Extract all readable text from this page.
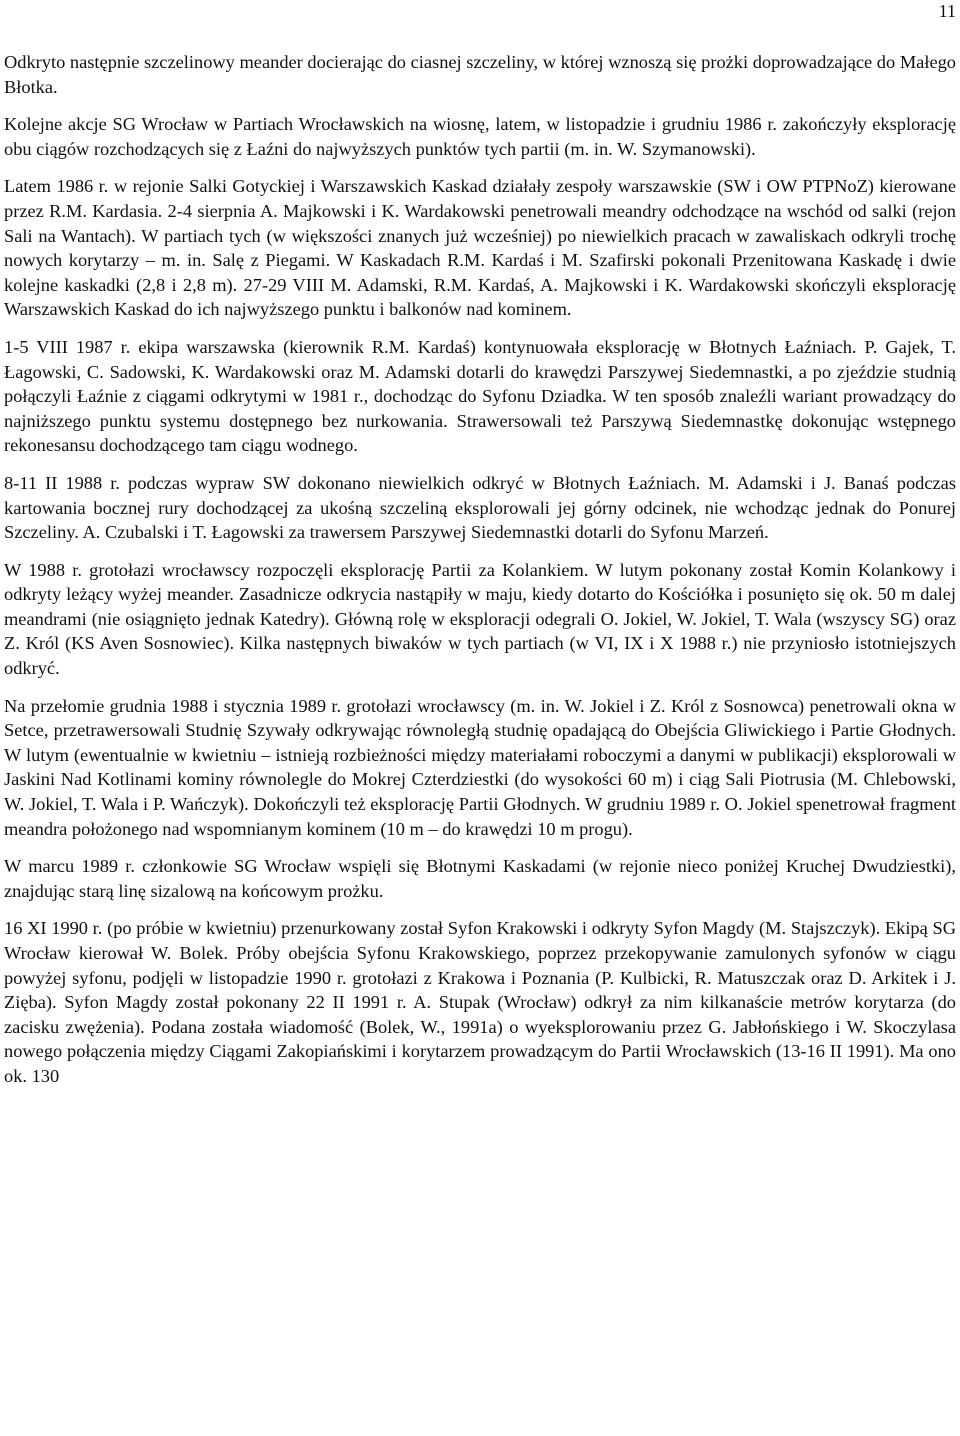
11

Odkryto następnie szczelinowy meander docierając do ciasnej szczeliny, w której wznoszą się prożki doprowadzające do Małego Błotka.

Kolejne akcje SG Wrocław w Partiach Wrocławskich na wiosnę, latem, w listopadzie i grudniu 1986 r. zakończyły eksplorację obu ciągów rozchodzących się z Łaźni do najwyższych punktów tych partii (m. in. W. Szymanowski).

Latem 1986 r. w rejonie Salki Gotyckiej i Warszawskich Kaskad działały zespoły warszawskie (SW i OW PTPNoZ) kierowane przez R.M. Kardasia. 2-4 sierpnia A. Majkowski i K. Wardakowski penetrowali meandry odchodzące na wschód od salki (rejon Sali na Wantach). W partiach tych (w większości znanych już wcześniej) po niewielkich pracach w zawaliskach odkryli trochę nowych korytarzy – m. in. Salę z Piegami. W Kaskadach R.M. Kardaś i M. Szafirski pokonali Przenitowana Kaskadę i dwie kolejne kaskadki (2,8 i 2,8 m). 27-29 VIII M. Adamski, R.M. Kardaś, A. Majkowski i K. Wardakowski skończyli eksplorację Warszawskich Kaskad do ich najwyższego punktu i balkonów nad kominem.

1-5 VIII 1987 r. ekipa warszawska (kierownik R.M. Kardaś) kontynuowała eksplorację w Błotnych Łaźniach. P. Gajek, T. Łagowski, C. Sadowski, K. Wardakowski oraz M. Adamski dotarli do krawędzi Parszywej Siedemnastki, a po zjeździe studnią połączyli Łaźnie z ciągami odkrytymi w 1981 r., dochodząc do Syfonu Dziadka. W ten sposób znaleźli wariant prowadzący do najniższego punktu systemu dostępnego bez nurkowania. Strawersowali też Parszywą Siedemnastkę dokonując wstępnego rekonesansu dochodzącego tam ciągu wodnego.

8-11 II 1988 r. podczas wypraw SW dokonano niewielkich odkryć w Błotnych Łaźniach. M. Adamski i J. Banaś podczas kartowania bocznej rury dochodzącej za ukośną szczeliną eksplorowali jej górny odcinek, nie wchodząc jednak do Ponurej Szczeliny. A. Czubalski i T. Łagowski za trawersem Parszywej Siedemnastki dotarli do Syfonu Marzeń.

W 1988 r. grotołazi wrocławscy rozpoczęli eksplorację Partii za Kolankiem. W lutym pokonany został Komin Kolankowy i odkryty leżący wyżej meander. Zasadnicze odkrycia nastąpiły w maju, kiedy dotarto do Kościółka i posunięto się ok. 50 m dalej meandrami (nie osiągnięto jednak Katedry). Główną rolę w eksploracji odegrali O. Jokiel, W. Jokiel, T. Wala (wszyscy SG) oraz Z. Król (KS Aven Sosnowiec). Kilka następnych biwaków w tych partiach (w VI, IX i X 1988 r.) nie przyniosło istotniejszych odkryć.

Na przełomie grudnia 1988 i stycznia 1989 r. grotołazi wrocławscy (m. in. W. Jokiel i Z. Król z Sosnowca) penetrowali okna w Setce, przetrawersowali Studnię Szywały odkrywając równoległą studnię opadającą do Obejścia Gliwickiego i Partie Głodnych. W lutym (ewentualnie w kwietniu – istnieją rozbieżności między materiałami roboczymi a danymi w publikacji) eksplorowali w Jaskini Nad Kotlinami kominy równolegle do Mokrej Czterdziestki (do wysokości 60 m) i ciąg Sali Piotrusia (M. Chlebowski, W. Jokiel, T. Wala i P. Wańczyk). Dokończyli też eksplorację Partii Głodnych. W grudniu 1989 r. O. Jokiel spenetrował fragment meandra położonego nad wspomnianym kominem (10 m – do krawędzi 10 m progu).

W marcu 1989 r. członkowie SG Wrocław wspięli się Błotnymi Kaskadami (w rejonie nieco poniżej Kruchej Dwudziestki), znajdując starą linę sizalową na końcowym prożku.

16 XI 1990 r. (po próbie w kwietniu) przenurkowany został Syfon Krakowski i odkryty Syfon Magdy (M. Stajszczyk). Ekipą SG Wrocław kierował W. Bolek. Próby obejścia Syfonu Krakowskiego, poprzez przekopywanie zamulonych syfonów w ciągu powyżej syfonu, podjęli w listopadzie 1990 r. grotołazi z Krakowa i Poznania (P. Kulbicki, R. Matuszczak oraz D. Arkitek i J. Zięba). Syfon Magdy został pokonany 22 II 1991 r. A. Stupak (Wrocław) odkrył za nim kilkanaście metrów korytarza (do zacisku zwężenia). Podana została wiadomość (Bolek, W., 1991a) o wyeksplorowaniu przez G. Jabłońskiego i W. Skoczylasa nowego połączenia między Ciągami Zakopiańskimi i korytarzem prowadzącym do Partii Wrocławskich (13-16 II 1991). Ma ono ok. 130
